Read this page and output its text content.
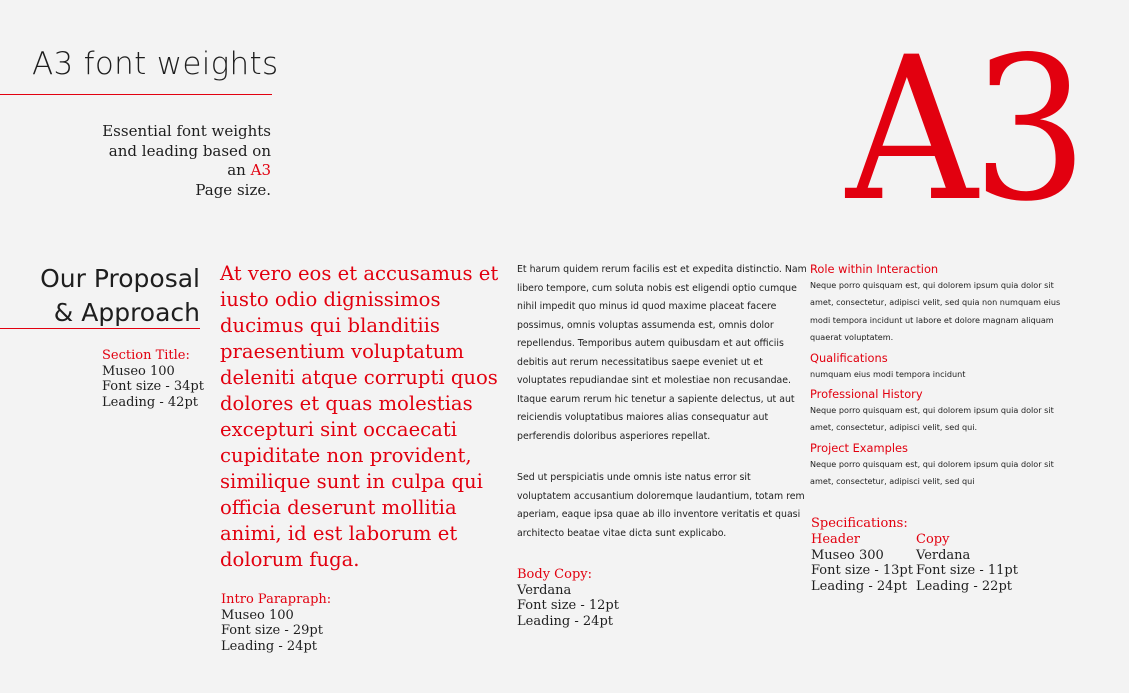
A3 font weights
Essential font weights and leading based on an A3
Page size.	A3
Our Proposal
& Approach
Section Title:
Museo 100
Font size - 34pt
Leading - 42pt
At vero eos et accusamus et iusto odio dignissimos ducimus qui blanditiis praesentium voluptatum deleniti atque corrupti quos dolores et quas molestias excepturi sint occaecati cupiditate non provident, similique sunt in culpa qui officia deserunt mollitia animi, id est laborum et dolorum fuga.
Intro Parapraph:
Museo 100
Font size - 29pt
Leading - 24pt
Et harum quidem rerum facilis est et expedita distinctio. Nam libero tempore, cum soluta nobis est eligendi optio cumque nihil impedit quo minus id quod maxime placeat facere possimus, omnis voluptas assumenda est, omnis dolor repellendus. Temporibus autem quibusdam et aut officiis debitis aut rerum necessitatibus saepe eveniet ut et voluptates repudiandae sint et molestiae non recusandae. Itaque earum rerum hic tenetur a sapiente delectus, ut aut reiciendis voluptatibus maiores alias consequatur aut perferendis doloribus asperiores repellat.
Sed ut perspiciatis unde omnis iste natus error sit voluptatem accusantium doloremque laudantium, totam rem aperiam, eaque ipsa quae ab illo inventore veritatis et quasi architecto beatae vitae dicta sunt explicabo.
Body Copy:
Verdana
Font size - 12pt
Leading - 24pt
Role within Interaction
Neque porro quisquam est, qui dolorem ipsum quia dolor sit amet, consectetur, adipisci velit, sed quia non numquam eius modi tempora incidunt ut labore et dolore magnam aliquam quaerat voluptatem.
Qualifications
numquam eius modi tempora incidunt
Professional History
Neque porro quisquam est, qui dolorem ipsum quia dolor sit amet, consectetur, adipisci velit, sed qui.
Project Examples
Neque porro quisquam est, qui dolorem ipsum quia dolor sit amet, consectetur, adipisci velit, sed qui
Specifications:
Header
Museo 300
Font size - 13pt
Leading - 24pt
Copy
Verdana
Font size - 11pt
Leading - 22pt
